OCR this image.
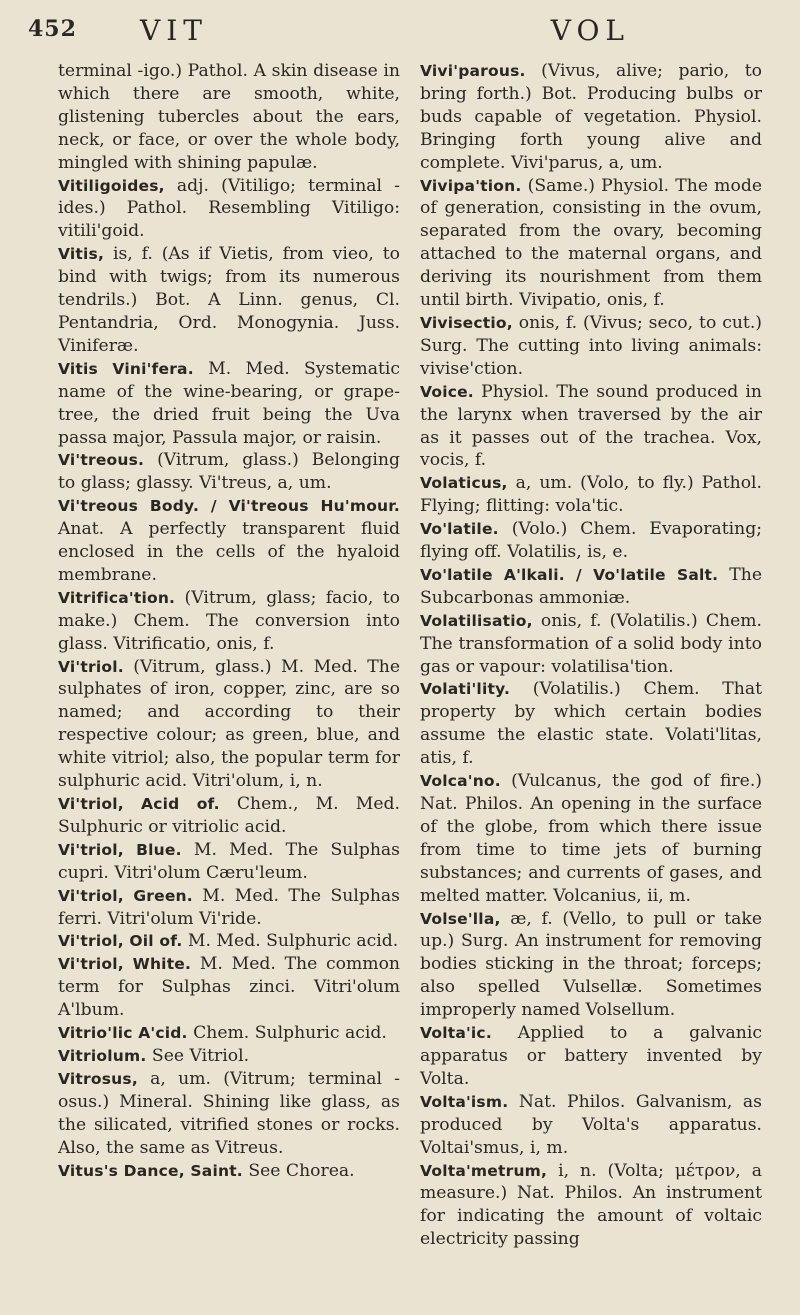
452 VIT	VOL

terminal -igo.) Pathol. A skin disease in which there are smooth, white, glistening tubercles about the ears, neck, or face, or over the whole body, mingled with shining papulæ.

Vitiligoides, adj. (Vitiligo; terminal -ides.) Pathol. Resembling Vitiligo: vitili'goid.

Vitis, is, f. (As if Vietis, from vieo, to bind with twigs; from its numerous tendrils.) Bot. A Linn. genus, Cl. Pentandria, Ord. Monogynia. Juss. Viniferæ.

Vitis Vini'fera. M. Med. Systematic name of the wine-bearing, or grape-tree, the dried fruit being the Uva passa major, Passula major, or raisin.

Vi'treous. (Vitrum, glass.) Belonging to glass; glassy. Vi'treus, a, um.

Vi'treous Body. / Vi'treous Hu'mour. Anat. A perfectly transparent fluid enclosed in the cells of the hyaloid membrane.

Vitrifica'tion. (Vitrum, glass; facio, to make.) Chem. The conversion into glass. Vitrificatio, onis, f.

Vi'triol. (Vitrum, glass.) M. Med. The sulphates of iron, copper, zinc, are so named; and according to their respective colour; as green, blue, and white vitriol; also, the popular term for sulphuric acid. Vitri'olum, i, n.

Vi'triol, Acid of. Chem., M. Med. Sulphuric or vitriolic acid.

Vi'triol, Blue. M. Med. The Sulphas cupri. Vitri'olum Cæru'leum.

Vi'triol, Green. M. Med. The Sulphas ferri. Vitri'olum Vi'ride.

Vi'triol, Oil of. M. Med. Sulphuric acid.

Vi'triol, White. M. Med. The common term for Sulphas zinci. Vitri'olum A'lbum.

Vitrio'lic A'cid. Chem. Sulphuric acid.

Vitriolum. See Vitriol.

Vitrosus, a, um. (Vitrum; terminal -osus.) Mineral. Shining like glass, as the silicated, vitrified stones or rocks. Also, the same as Vitreus.

Vitus's Dance, Saint. See Chorea.

Vivi'parous. (Vivus, alive; pario, to bring forth.) Bot. Producing bulbs or buds capable of vegetation. Physiol. Bringing forth young alive and complete. Vivi'parus, a, um.

Vivipa'tion. (Same.) Physiol. The mode of generation, consisting in the ovum, separated from the ovary, becoming attached to the maternal organs, and deriving its nourishment from them until birth. Vivipatio, onis, f.

Vivisectio, onis, f. (Vivus; seco, to cut.) Surg. The cutting into living animals: vivise'ction.

Voice. Physiol. The sound produced in the larynx when traversed by the air as it passes out of the trachea. Vox, vocis, f.

Volaticus, a, um. (Volo, to fly.) Pathol. Flying; flitting: vola'tic.

Vo'latile. (Volo.) Chem. Evaporating; flying off. Volatilis, is, e.

Vo'latile A'lkali. / Vo'latile Salt. The Subcarbonas ammoniæ.

Volatilisatio, onis, f. (Volatilis.) Chem. The transformation of a solid body into gas or vapour: volatilisa'tion.

Volati'lity. (Volatilis.) Chem. That property by which certain bodies assume the elastic state. Volati'litas, atis, f.

Volca'no. (Vulcanus, the god of fire.) Nat. Philos. An opening in the surface of the globe, from which there issue from time to time jets of burning substances; and currents of gases, and melted matter. Volcanius, ii, m.

Volse'lla, æ, f. (Vello, to pull or take up.) Surg. An instrument for removing bodies sticking in the throat; forceps; also spelled Vulsellæ. Sometimes improperly named Volsellum.

Volta'ic. Applied to a galvanic apparatus or battery invented by Volta.

Volta'ism. Nat. Philos. Galvanism, as produced by Volta's apparatus. Voltai'smus, i, m.

Volta'metrum, i, n. (Volta; μέτρον, a measure.) Nat. Philos. An instrument for indicating the amount of voltaic electricity passing
